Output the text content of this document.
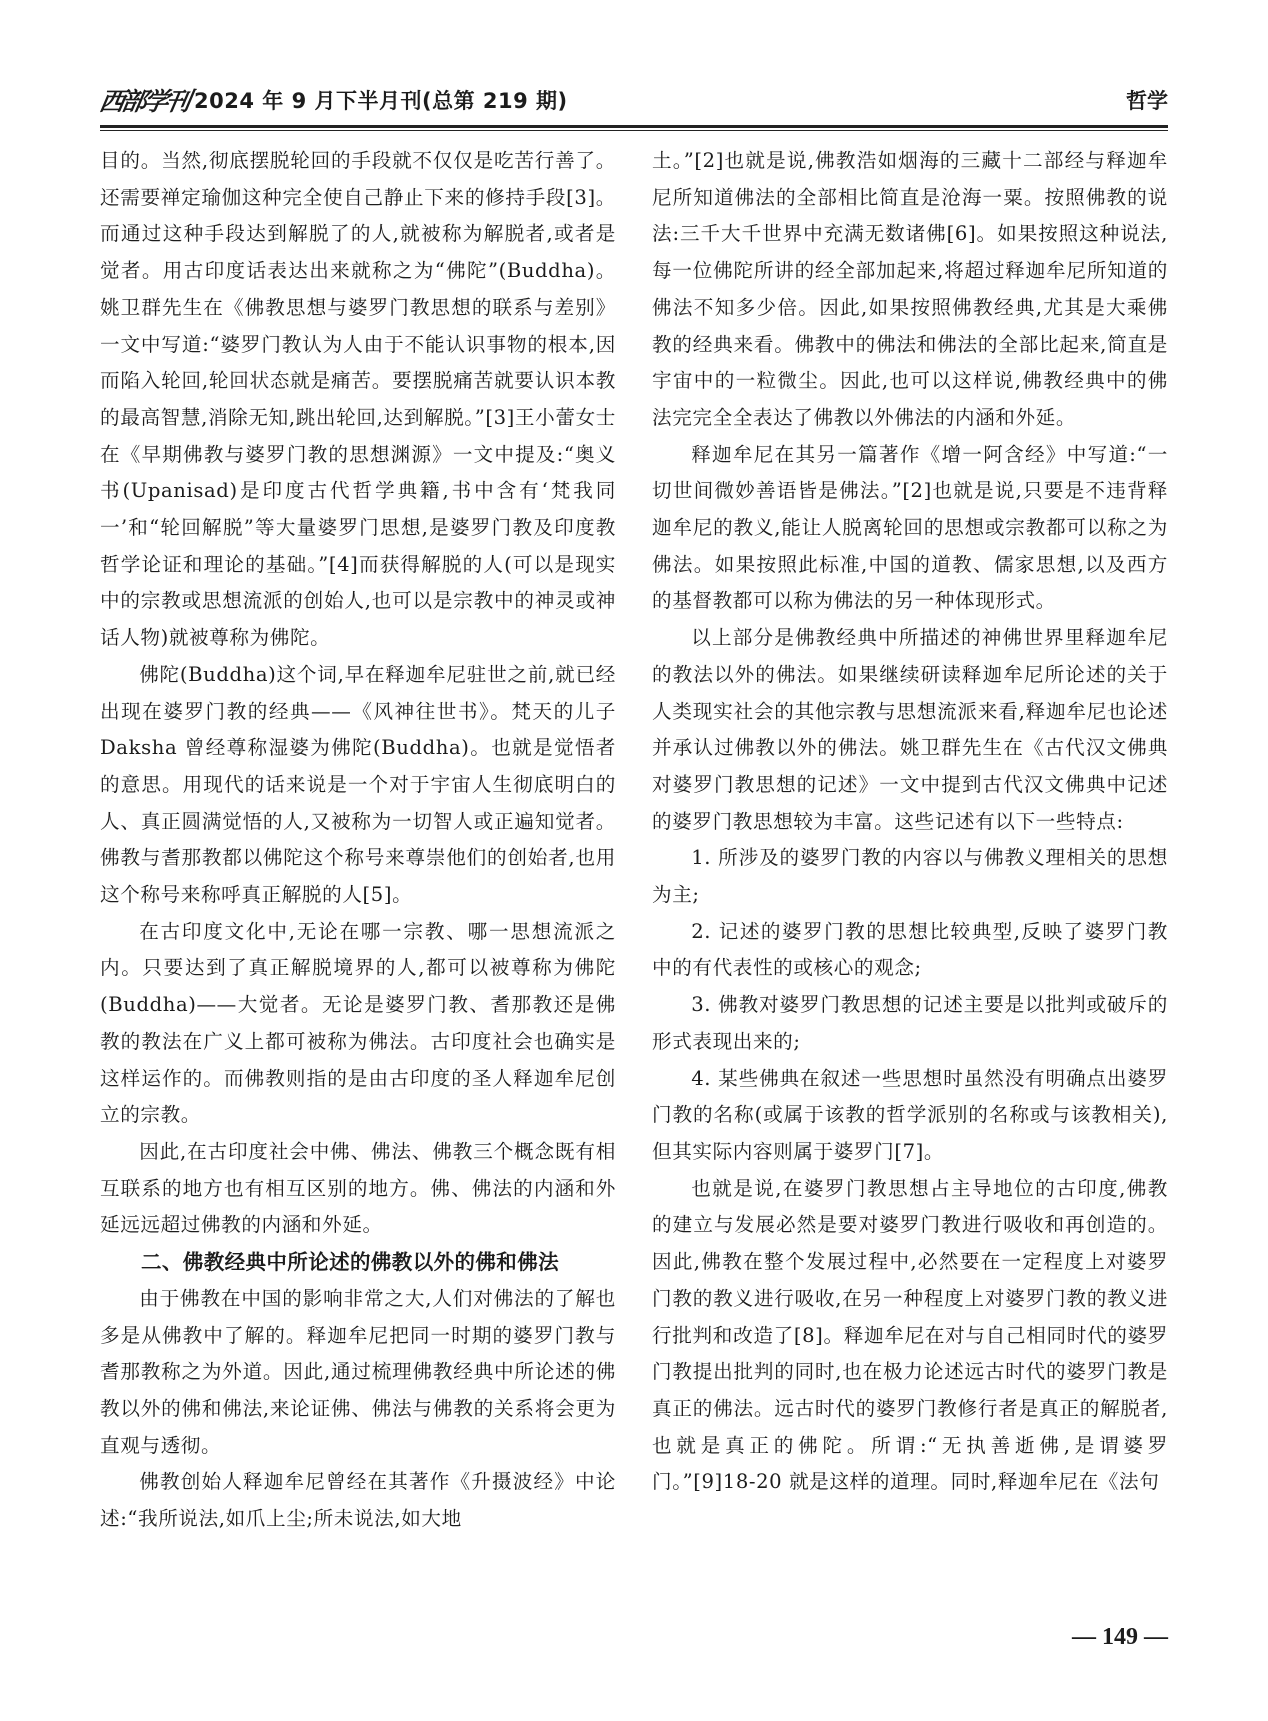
西部学刊 2024 年 9 月下半月刊(总第 219 期)	哲学

目的。当然,彻底摆脱轮回的手段就不仅仅是吃苦行善了。还需要禅定瑜伽这种完全使自己静止下来的修持手段[3]。而通过这种手段达到解脱了的人,就被称为解脱者,或者是觉者。用古印度话表达出来就称之为“佛陀”(Buddha)。姚卫群先生在《佛教思想与婆罗门教思想的联系与差别》一文中写道:“婆罗门教认为人由于不能认识事物的根本,因而陷入轮回,轮回状态就是痛苦。要摆脱痛苦就要认识本教的最高智慧,消除无知,跳出轮回,达到解脱。”[3]王小蕾女士在《早期佛教与婆罗门教的思想渊源》一文中提及:“奥义书(Upanisad)是印度古代哲学典籍,书中含有‘梵我同一’和“轮回解脱”等大量婆罗门思想,是婆罗门教及印度教哲学论证和理论的基础。”[4]而获得解脱的人(可以是现实中的宗教或思想流派的创始人,也可以是宗教中的神灵或神话人物)就被尊称为佛陀。

佛陀(Buddha)这个词,早在释迦牟尼驻世之前,就已经出现在婆罗门教的经典——《风神往世书》。梵天的儿子 Daksha 曾经尊称湿婆为佛陀(Buddha)。也就是觉悟者的意思。用现代的话来说是一个对于宇宙人生彻底明白的人、真正圆满觉悟的人,又被称为一切智人或正遍知觉者。佛教与耆那教都以佛陀这个称号来尊崇他们的创始者,也用这个称号来称呼真正解脱的人[5]。

在古印度文化中,无论在哪一宗教、哪一思想流派之内。只要达到了真正解脱境界的人,都可以被尊称为佛陀(Buddha)——大觉者。无论是婆罗门教、耆那教还是佛教的教法在广义上都可被称为佛法。古印度社会也确实是这样运作的。而佛教则指的是由古印度的圣人释迦牟尼创立的宗教。

因此,在古印度社会中佛、佛法、佛教三个概念既有相互联系的地方也有相互区别的地方。佛、佛法的内涵和外延远远超过佛教的内涵和外延。

二、佛教经典中所论述的佛教以外的佛和佛法

由于佛教在中国的影响非常之大,人们对佛法的了解也多是从佛教中了解的。释迦牟尼把同一时期的婆罗门教与耆那教称之为外道。因此,通过梳理佛教经典中所论述的佛教以外的佛和佛法,来论证佛、佛法与佛教的关系将会更为直观与透彻。

佛教创始人释迦牟尼曾经在其著作《升摄波经》中论述:“我所说法,如爪上尘;所未说法,如大地

土。”[2]也就是说,佛教浩如烟海的三藏十二部经与释迦牟尼所知道佛法的全部相比简直是沧海一粟。按照佛教的说法:三千大千世界中充满无数诸佛[6]。如果按照这种说法,每一位佛陀所讲的经全部加起来,将超过释迦牟尼所知道的佛法不知多少倍。因此,如果按照佛教经典,尤其是大乘佛教的经典来看。佛教中的佛法和佛法的全部比起来,简直是宇宙中的一粒微尘。因此,也可以这样说,佛教经典中的佛法完完全全表达了佛教以外佛法的内涵和外延。

释迦牟尼在其另一篇著作《增一阿含经》中写道:“一切世间微妙善语皆是佛法。”[2]也就是说,只要是不违背释迦牟尼的教义,能让人脱离轮回的思想或宗教都可以称之为佛法。如果按照此标准,中国的道教、儒家思想,以及西方的基督教都可以称为佛法的另一种体现形式。

以上部分是佛教经典中所描述的神佛世界里释迦牟尼的教法以外的佛法。如果继续研读释迦牟尼所论述的关于人类现实社会的其他宗教与思想流派来看,释迦牟尼也论述并承认过佛教以外的佛法。姚卫群先生在《古代汉文佛典对婆罗门教思想的记述》一文中提到古代汉文佛典中记述的婆罗门教思想较为丰富。这些记述有以下一些特点:

1. 所涉及的婆罗门教的内容以与佛教义理相关的思想为主;

2. 记述的婆罗门教的思想比较典型,反映了婆罗门教中的有代表性的或核心的观念;

3. 佛教对婆罗门教思想的记述主要是以批判或破斥的形式表现出来的;

4. 某些佛典在叙述一些思想时虽然没有明确点出婆罗门教的名称(或属于该教的哲学派别的名称或与该教相关),但其实际内容则属于婆罗门[7]。

也就是说,在婆罗门教思想占主导地位的古印度,佛教的建立与发展必然是要对婆罗门教进行吸收和再创造的。因此,佛教在整个发展过程中,必然要在一定程度上对婆罗门教的教义进行吸收,在另一种程度上对婆罗门教的教义进行批判和改造了[8]。释迦牟尼在对与自己相同时代的婆罗门教提出批判的同时,也在极力论述远古时代的婆罗门教是真正的佛法。远古时代的婆罗门教修行者是真正的解脱者,也就是真正的佛陀。所谓:“无执善逝佛,是谓婆罗门。”[9]18-20 就是这样的道理。同时,释迦牟尼在《法句

— 149 —
